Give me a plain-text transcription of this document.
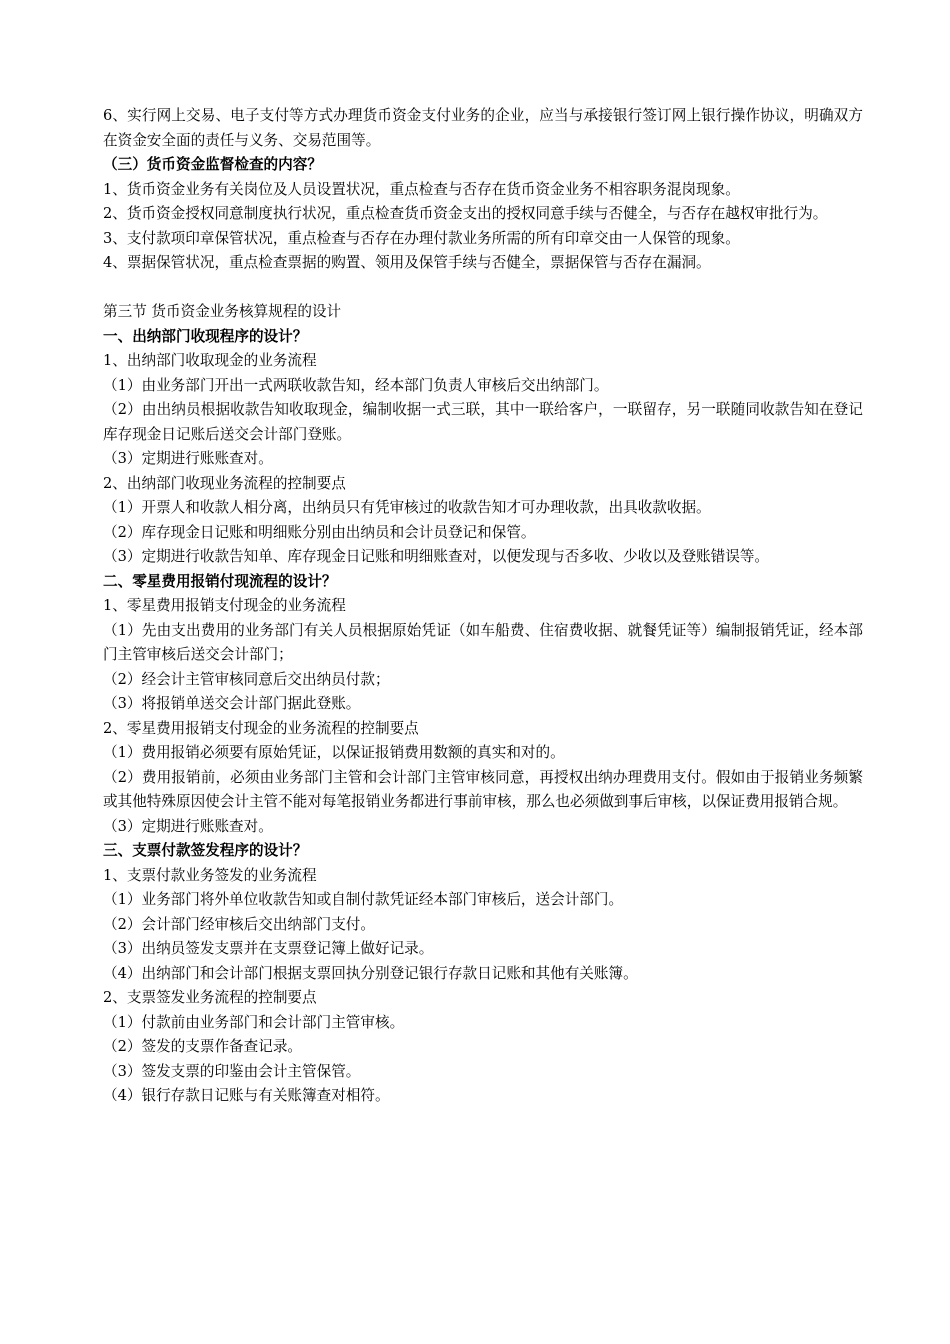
6、实行网上交易、电子支付等方式办理货币资金支付业务的企业，应当与承接银行签订网上银行操作协议，明确双方在资金安全面的责任与义务、交易范围等。

（三）货币资金监督检查的内容？

1、货币资金业务有关岗位及人员设置状况，重点检查与否存在货币资金业务不相容职务混岗现象。

2、货币资金授权同意制度执行状况，重点检查货币资金支出的授权同意手续与否健全，与否存在越权审批行为。

3、支付款项印章保管状况，重点检查与否存在办理付款业务所需的所有印章交由一人保管的现象。

4、票据保管状况，重点检查票据的购置、领用及保管手续与否健全，票据保管与否存在漏洞。

第三节 货币资金业务核算规程的设计

一、出纳部门收现程序的设计？

1、出纳部门收取现金的业务流程

（1）由业务部门开出一式两联收款告知，经本部门负责人审核后交出纳部门。

（2）由出纳员根据收款告知收取现金，编制收据一式三联，其中一联给客户，一联留存，另一联随同收款告知在登记库存现金日记账后送交会计部门登账。

（3）定期进行账账查对。

2、出纳部门收现业务流程的控制要点

（1）开票人和收款人相分离，出纳员只有凭审核过的收款告知才可办理收款，出具收款收据。

（2）库存现金日记账和明细账分别由出纳员和会计员登记和保管。

（3）定期进行收款告知单、库存现金日记账和明细账查对，以便发现与否多收、少收以及登账错误等。

二、零星费用报销付现流程的设计？

1、零星费用报销支付现金的业务流程

（1）先由支出费用的业务部门有关人员根据原始凭证（如车船费、住宿费收据、就餐凭证等）编制报销凭证，经本部门主管审核后送交会计部门；

（2）经会计主管审核同意后交出纳员付款；

（3）将报销单送交会计部门据此登账。

2、零星费用报销支付现金的业务流程的控制要点

（1）费用报销必须要有原始凭证，以保证报销费用数额的真实和对的。

（2）费用报销前，必须由业务部门主管和会计部门主管审核同意，再授权出纳办理费用支付。假如由于报销业务频繁或其他特殊原因使会计主管不能对每笔报销业务都进行事前审核，那么也必须做到事后审核，以保证费用报销合规。

（3）定期进行账账查对。

三、支票付款签发程序的设计？

1、支票付款业务签发的业务流程

（1）业务部门将外单位收款告知或自制付款凭证经本部门审核后，送会计部门。

（2）会计部门经审核后交出纳部门支付。

（3）出纳员签发支票并在支票登记簿上做好记录。

（4）出纳部门和会计部门根据支票回执分别登记银行存款日记账和其他有关账簿。

2、支票签发业务流程的控制要点

（1）付款前由业务部门和会计部门主管审核。

（2）签发的支票作备查记录。

（3）签发支票的印鉴由会计主管保管。

（4）银行存款日记账与有关账簿查对相符。
